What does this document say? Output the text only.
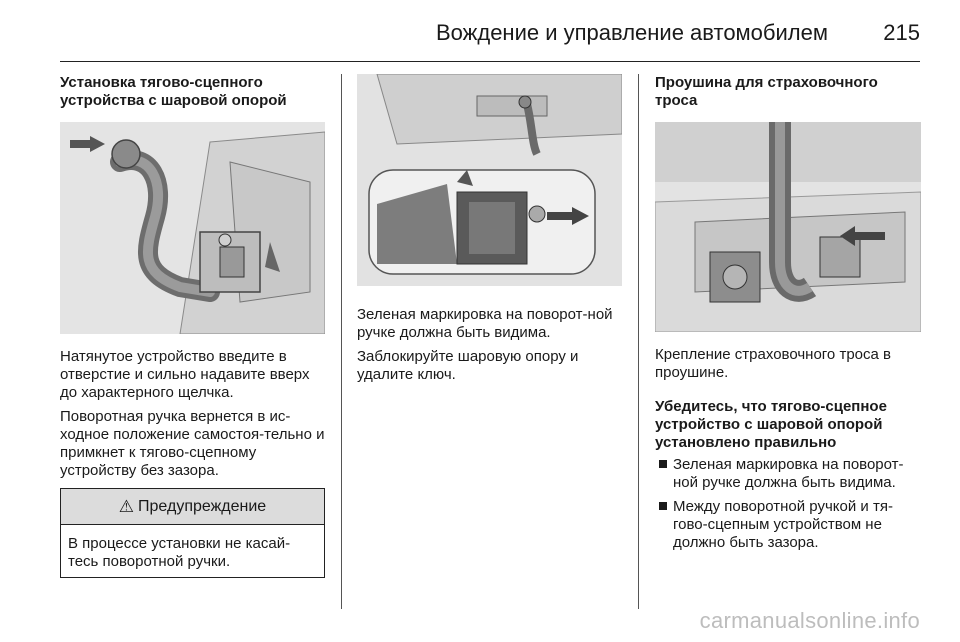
Вождение и управление автомобилем	215
Установка тягово-сцепного устройства с шаровой опорой

Натянутое устройство введите в отверстие и сильно надавите вверх до характерного щелчка.

Поворотная ручка вернется в ис-ходное положение самостоя-тельно и примкнет к тягово-сцепному устройству без зазора.

⚠ Предупреждение
В процессе установки не касай-тесь поворотной ручки.

Зеленая маркировка на поворот-ной ручке должна быть видима.

Заблокируйте шаровую опору и удалите ключ.

Проушина для страховочного троса

Крепление страховочного троса в проушине.

Убедитесь, что тягово-сцепное устройство с шаровой опорой установлено правильно

Зеленая маркировка на поворот-ной ручке должна быть видима.
Между поворотной ручкой и тя-гово-сцепным устройством не должно быть зазора.
carmanualsonline.info
